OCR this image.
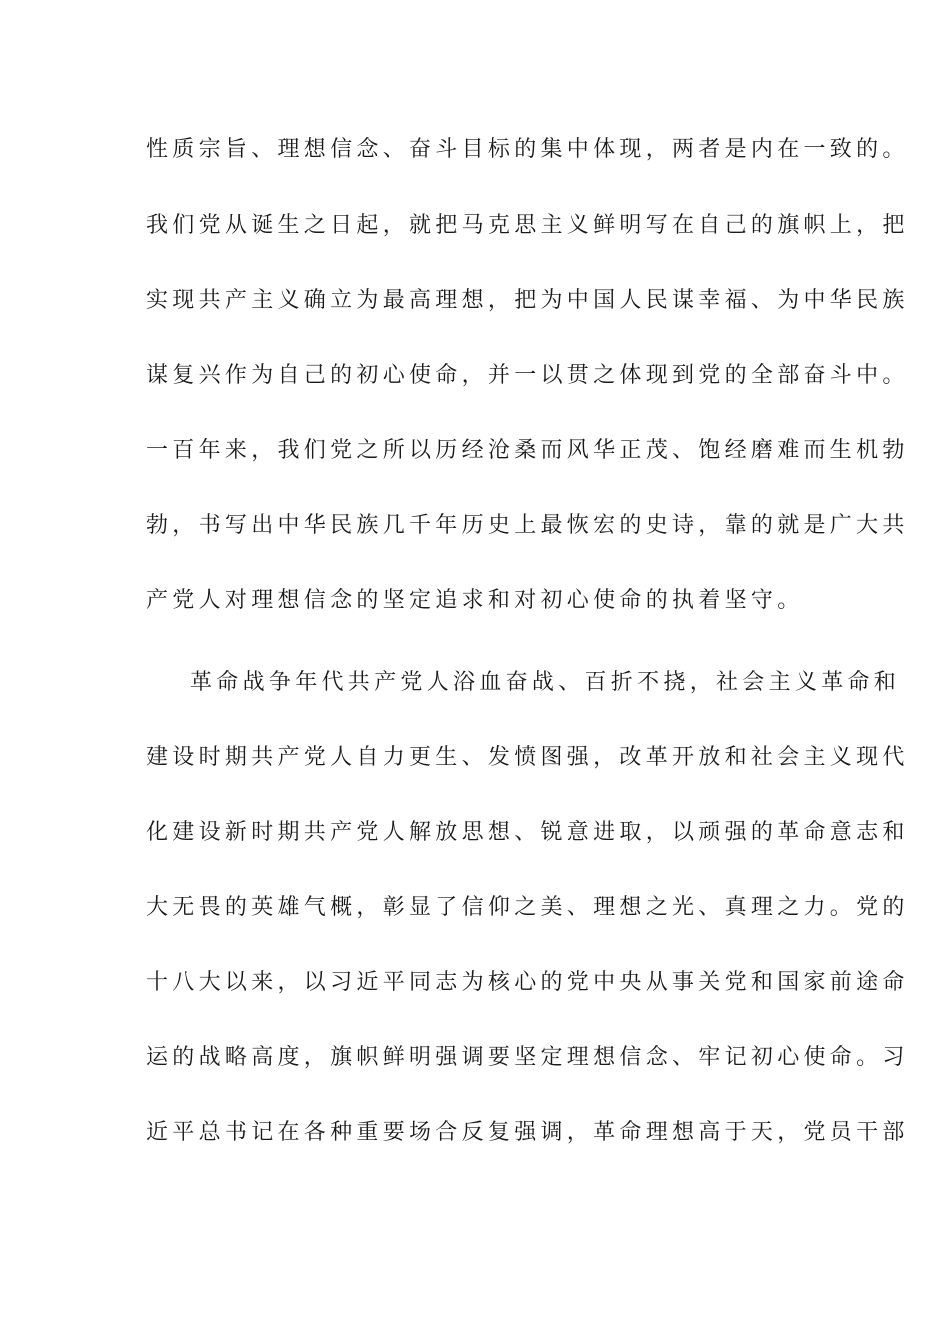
性质宗旨、理想信念、奋斗目标的集中体现，两者是内在一致的。
我们党从诞生之日起，就把马克思主义鲜明写在自己的旗帜上，把
实现共产主义确立为最高理想，把为中国人民谋幸福、为中华民族
谋复兴作为自己的初心使命，并一以贯之体现到党的全部奋斗中。
一百年来，我们党之所以历经沧桑而风华正茂、饱经磨难而生机勃
勃，书写出中华民族几千年历史上最恢宏的史诗，靠的就是广大共
产党人对理想信念的坚定追求和对初心使命的执着坚守。
革命战争年代共产党人浴血奋战、百折不挠，社会主义革命和
建设时期共产党人自力更生、发愤图强，改革开放和社会主义现代
化建设新时期共产党人解放思想、锐意进取，以顽强的革命意志和
大无畏的英雄气概，彰显了信仰之美、理想之光、真理之力。党的
十八大以来，以习近平同志为核心的党中央从事关党和国家前途命
运的战略高度，旗帜鲜明强调要坚定理想信念、牢记初心使命。习
近平总书记在各种重要场合反复强调，革命理想高于天，党员干部
